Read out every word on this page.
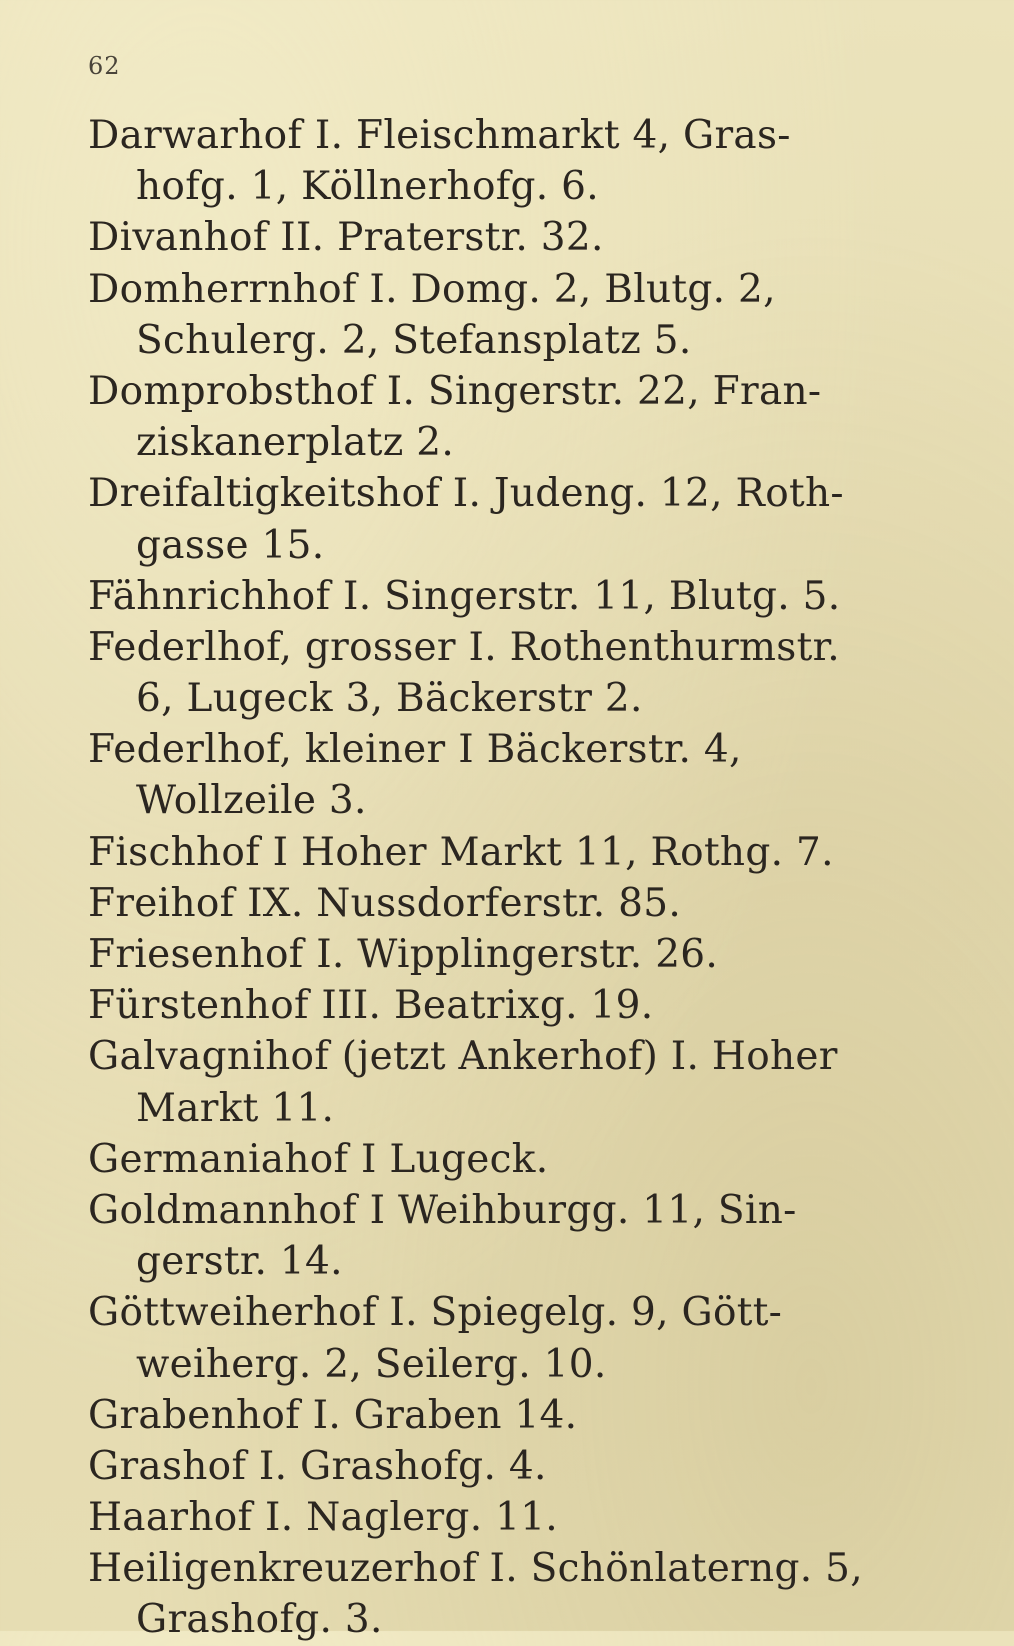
62
Darwarhof I. Fleischmarkt 4, Gras-
hofg. 1, Köllnerhofg. 6.
Divanhof II. Praterstr. 32.
Domherrnhof I. Domg. 2, Blutg. 2,
Schulerg. 2, Stefansplatz 5.
Domprobsthof I. Singerstr. 22, Fran-
ziskanerplatz 2.
Dreifaltigkeitshof I. Judeng. 12, Roth-
gasse 15.
Fähnrichhof I. Singerstr. 11, Blutg. 5.
Federlhof, grosser I. Rothenthurmstr.
6, Lugeck 3, Bäckerstr 2.
Federlhof, kleiner I Bäckerstr. 4,
Wollzeile 3.
Fischhof I Hoher Markt 11, Rothg. 7.
Freihof IX. Nussdorferstr. 85.
Friesenhof I. Wipplingerstr. 26.
Fürstenhof III. Beatrixg. 19.
Galvagnihof (jetzt Ankerhof) I. Hoher
Markt 11.
Germaniahof I Lugeck.
Goldmannhof I Weihburgg. 11, Sin-
gerstr. 14.
Göttweiherhof I. Spiegelg. 9, Gött-
weiherg. 2, Seilerg. 10.
Grabenhof I. Graben 14.
Grashof I. Grashofg. 4.
Haarhof I. Naglerg. 11.
Heiligenkreuzerhof I. Schönlaterng. 5,
Grashofg. 3.
